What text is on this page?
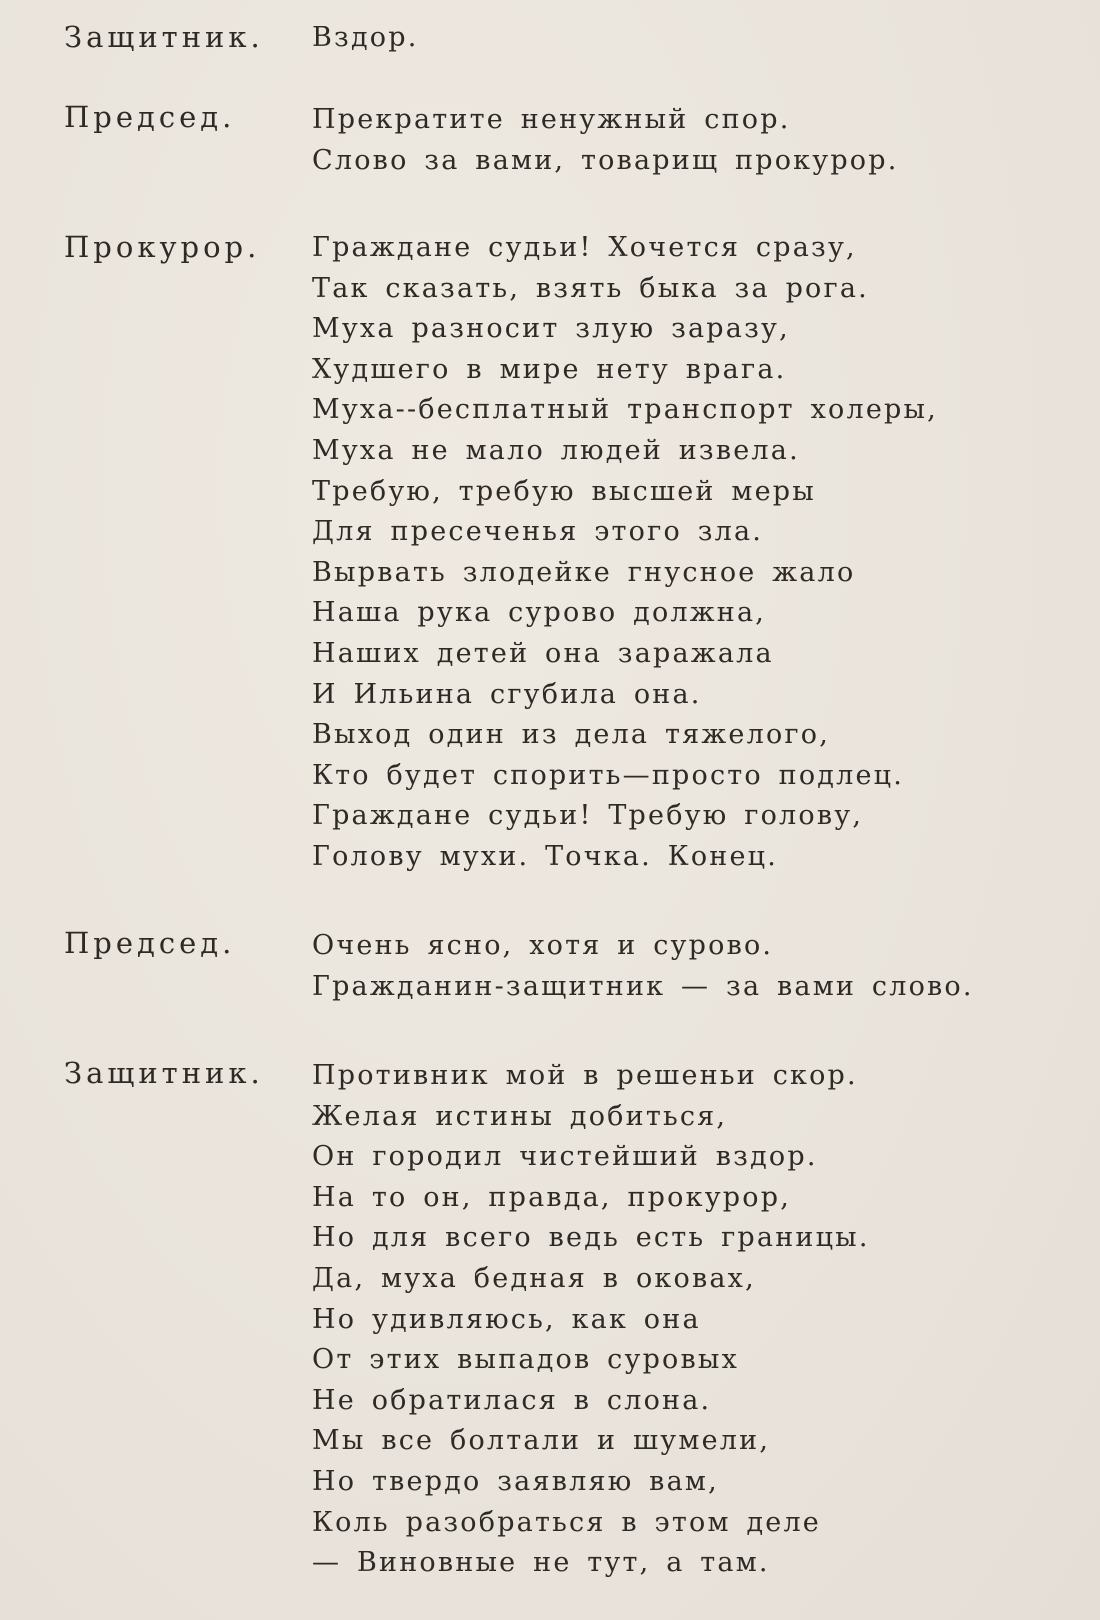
Защитник. Вздор.
Председ.	Прекратите ненужный спор.
Слово за вами, товарищ прокурор.
Прокурор. Граждане судьи! Хочется сразу,
Так сказать, взять быка за рога.
Муха разносит злую заразу,
Худшего в мире нету врага.
Муха--бесплатный транспорт холеры,
Муха не мало людей извела.
Требую, требую высшей меры
Для пресеченья этого зла.
Вырвать злодейке гнусное жало
Наша рука сурово должна,
Наших детей она заражала
И Ильина сгубила она.
Выход один из дела тяжелого,
Кто будет спорить—просто подлец.
Граждане судьи! Требую голову,
Голову мухи. Точка. Конец.
Председ.	Очень ясно, хотя и сурово.
Гражданин-защитник — за вами слово.
Защитник. Противник мой в решеньи скор.
Желая истины добиться,
Он городил чистейший вздор.
На то он, правда, прокурор,
Но для всего ведь есть границы.
Да, муха бедная в оковах,
Но удивляюсь, как она
От этих выпадов суровых
Не обратилася в слона.
Мы все болтали и шумели,
Но твердо заявляю вам,
Коль разобраться в этом деле
— Виновные не тут, а там.
